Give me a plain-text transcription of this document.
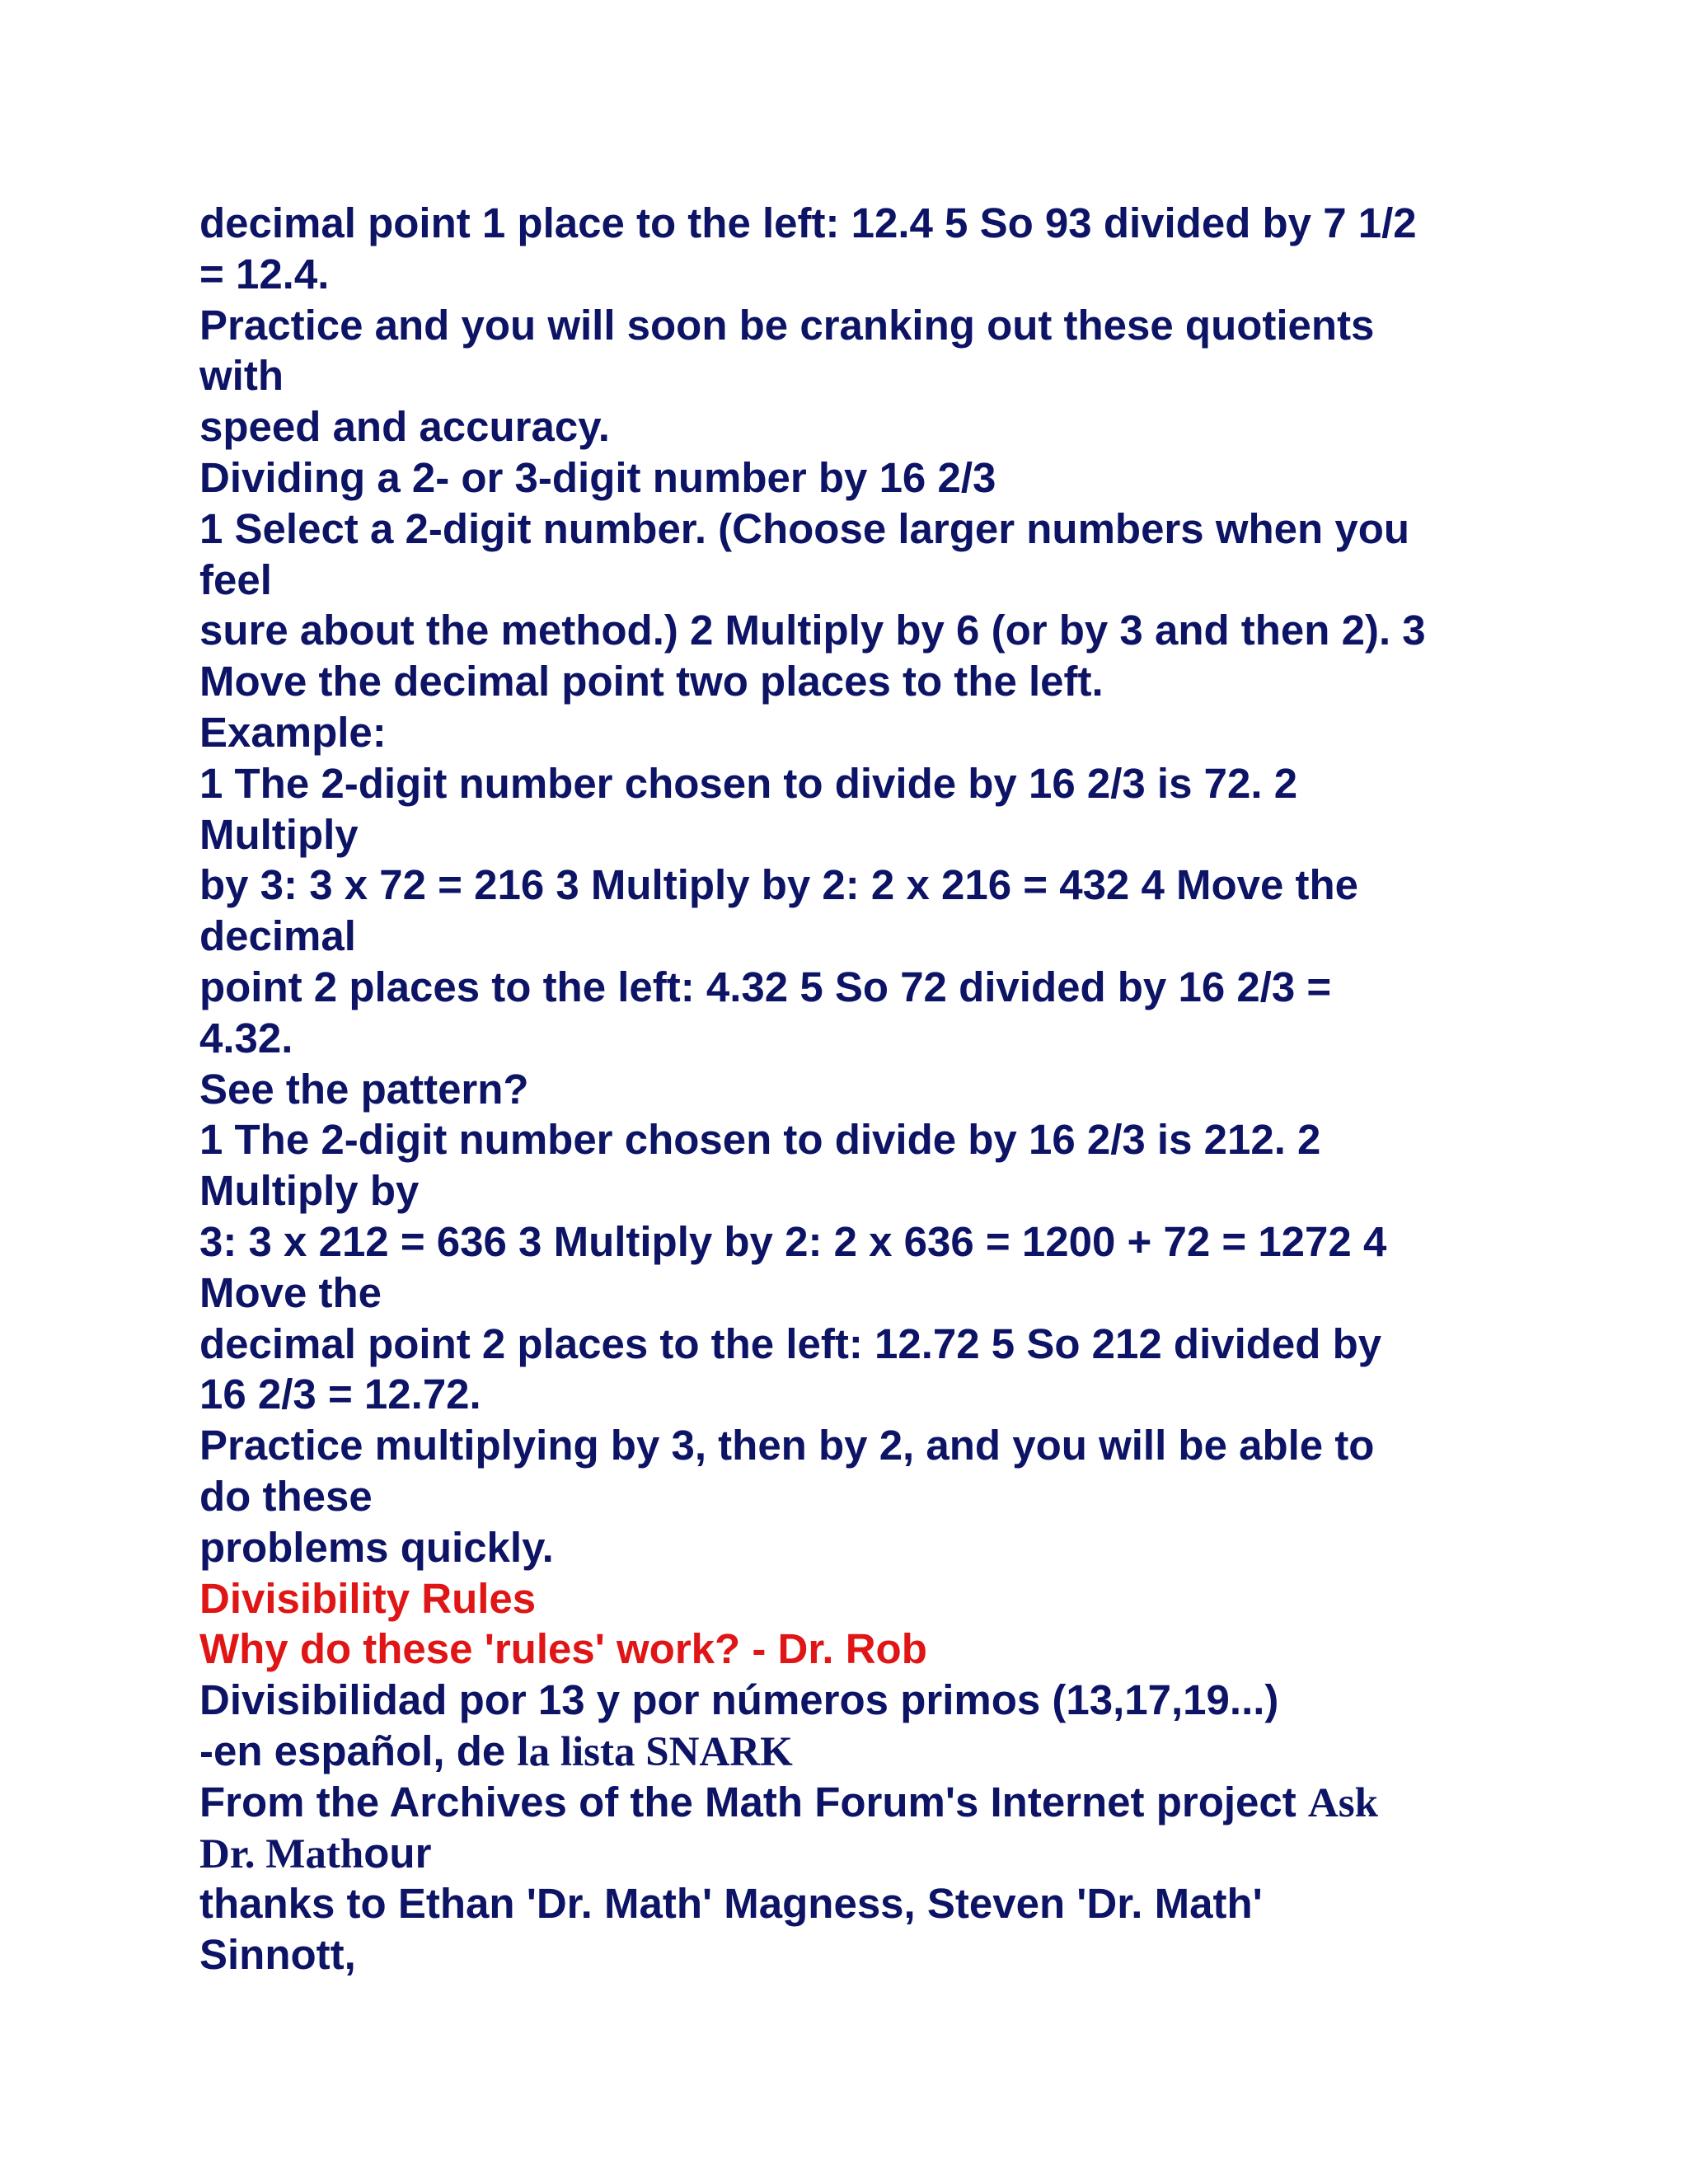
decimal point 1 place to the left: 12.4 5 So 93 divided by 7 1/2
= 12.4.
Practice and you will soon be cranking out these quotients
with
speed and accuracy.
Dividing a 2- or 3-digit number by 16 2/3
1 Select a 2-digit number. (Choose larger numbers when you
feel
sure about the method.) 2 Multiply by 6 (or by 3 and then 2). 3
Move the decimal point two places to the left.
Example:
1 The 2-digit number chosen to divide by 16 2/3 is 72. 2
Multiply
by 3: 3 x 72 = 216 3 Multiply by 2: 2 x 216 = 432 4 Move the
decimal
point 2 places to the left: 4.32 5 So 72 divided by 16 2/3 =
4.32.
See the pattern?
1 The 2-digit number chosen to divide by 16 2/3 is 212. 2
Multiply by
3: 3 x 212 = 636 3 Multiply by 2: 2 x 636 = 1200 + 72 = 1272 4
Move the
decimal point 2 places to the left: 12.72 5 So 212 divided by
16 2/3 = 12.72.
Practice multiplying by 3, then by 2, and you will be able to
do these
problems quickly.
Divisibility Rules
Why do these 'rules' work? - Dr. Rob
Divisibilidad por 13 y por números primos (13,17,19...)
-en español, de la lista SNARK
From the Archives of the Math Forum's Internet project Ask
Dr. Mathour
thanks to Ethan 'Dr. Math' Magness, Steven 'Dr. Math'
Sinnott,
